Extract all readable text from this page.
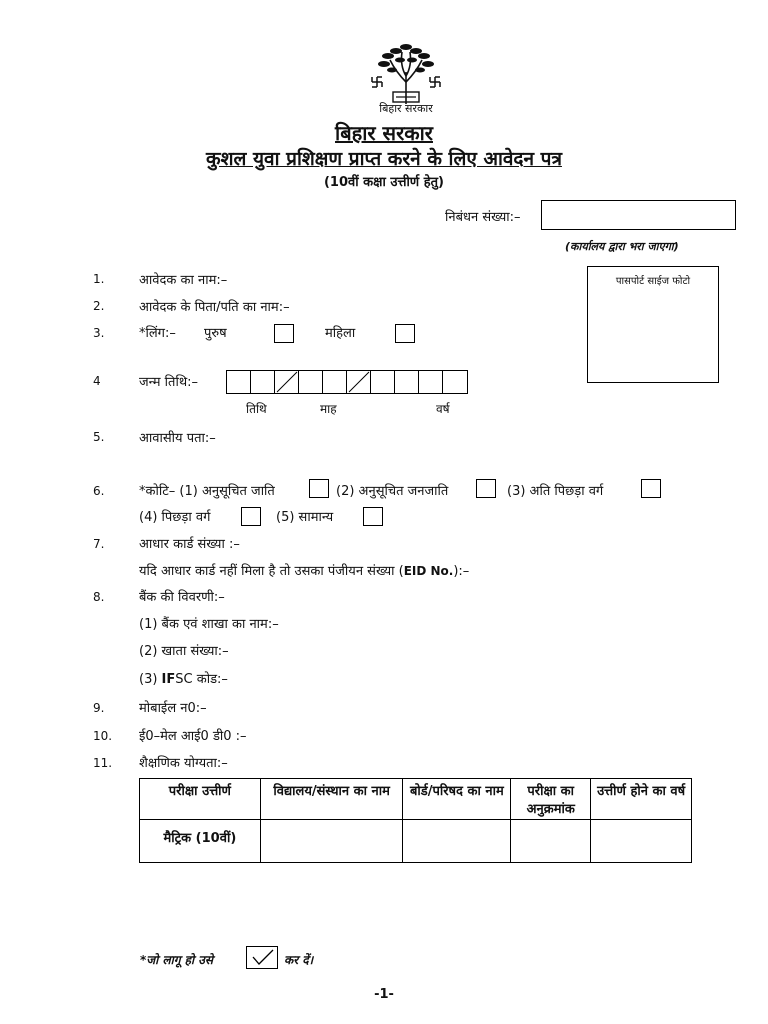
बिहार सरकार
बिहार सरकार
कुशल युवा प्रशिक्षण प्राप्त करने के लिए आवेदन पत्र
(10वीं कक्षा उत्तीर्ण हेतु)
निबंधन संख्या:–
(कार्यालय द्वारा भरा जाएगा)
पासपोर्ट साईज फोटो
1.	आवेदक का नाम:–
2.	आवेदक के पिता/पति का नाम:–
3.	*लिंग:– पुरुष	महिला
4	जन्म तिथि:–
तिथि	माह	वर्ष
5.	आवासीय पता:–
6.	*कोटि– (1) अनुसूचित जाति	(2) अनुसूचित जनजाति	(3) अति पिछड़ा वर्ग
(4) पिछड़ा वर्ग	(5) सामान्य
7.	आधार कार्ड संख्या :–
यदि आधार कार्ड नहीं मिला है तो उसका पंजीयन संख्या (EID No.):–
8.	बैंक की विवरणी:–
(1) बैंक एवं शाखा का नाम:–
(2) खाता संख्या:–
(3) IFSC कोड:–
9.	मोबाईल न0:–
10. ई0–मेल आई0 डी0 :–
11. शैक्षणिक योग्यता:–
परीक्षा उत्तीर्ण	विद्यालय/संस्थान का नाम	बोर्ड/परिषद का नाम	परीक्षा का अनुक्रमांक	उत्तीर्ण होने का वर्ष
मैट्रिक (10वीं)				
*जो लागू हो उसे	कर दें।
-1-
